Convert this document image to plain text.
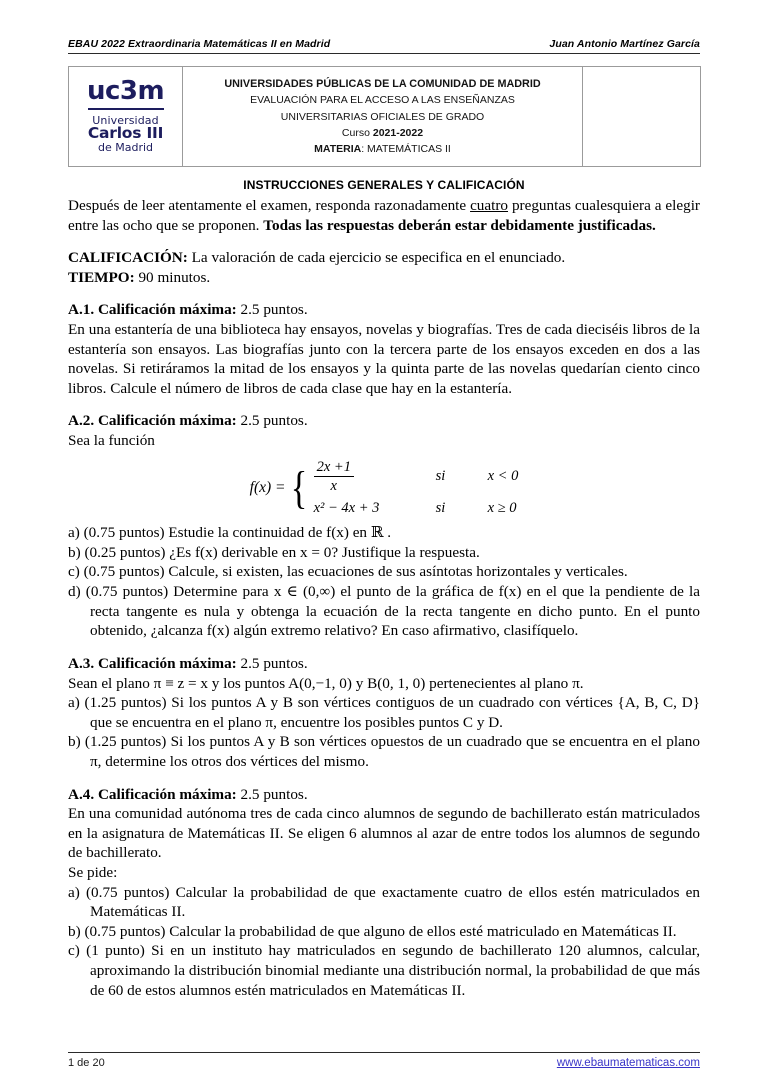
EBAU 2022 Extraordinaria Matemáticas II en Madrid	Juan Antonio Martínez García
uc3m
Universidad
Carlos III
de Madrid

UNIVERSIDADES PÚBLICAS DE LA COMUNIDAD DE MADRID
EVALUACIÓN PARA EL ACCESO A LAS ENSEÑANZAS
UNIVERSITARIAS OFICIALES DE GRADO
Curso 2021-2022
MATERIA: MATEMÁTICAS II

INSTRUCCIONES GENERALES Y CALIFICACIÓN

Después de leer atentamente el examen, responda razonadamente cuatro preguntas cualesquiera a elegir entre las ocho que se proponen. Todas las respuestas deberán estar debidamente justificadas.

CALIFICACIÓN: La valoración de cada ejercicio se especifica en el enunciado.

TIEMPO: 90 minutos.

A.1. Calificación máxima: 2.5 puntos.

En una estantería de una biblioteca hay ensayos, novelas y biografías. Tres de cada dieciséis libros de la estantería son ensayos. Las biografías junto con la tercera parte de los ensayos exceden en dos a las novelas. Si retiráramos la mitad de los ensayos y la quinta parte de las novelas quedarían ciento cinco libros. Calcule el número de libros de cada clase que hay en la estantería.

A.2. Calificación máxima: 2.5 puntos.

Sea la función

f(x) = { $\frac{2x +1}{x}$	si	x < 0
x² − 4x + 3	si	x ≥ 0

a) (0.75 puntos) Estudie la continuidad de f(x) en ℝ .

b) (0.25 puntos) ¿Es f(x) derivable en x = 0? Justifique la respuesta.

c) (0.75 puntos) Calcule, si existen, las ecuaciones de sus asíntotas horizontales y verticales.

d) (0.75 puntos) Determine para x ∈ (0,∞) el punto de la gráfica de f(x) en el que la pendiente de la recta tangente es nula y obtenga la ecuación de la recta tangente en dicho punto. En el punto obtenido, ¿alcanza f(x) algún extremo relativo? En caso afirmativo, clasifíquelo.

A.3. Calificación máxima: 2.5 puntos.

Sean el plano π ≡ z = x y los puntos A(0,−1, 0) y B(0, 1, 0) pertenecientes al plano π.

a) (1.25 puntos) Si los puntos A y B son vértices contiguos de un cuadrado con vértices {A, B, C, D} que se encuentra en el plano π, encuentre los posibles puntos C y D.

b) (1.25 puntos) Si los puntos A y B son vértices opuestos de un cuadrado que se encuentra en el plano π, determine los otros dos vértices del mismo.

A.4. Calificación máxima: 2.5 puntos.

En una comunidad autónoma tres de cada cinco alumnos de segundo de bachillerato están matriculados en la asignatura de Matemáticas II. Se eligen 6 alumnos al azar de entre todos los alumnos de segundo de bachillerato.

Se pide:

a) (0.75 puntos) Calcular la probabilidad de que exactamente cuatro de ellos estén matriculados en Matemáticas II.

b) (0.75 puntos) Calcular la probabilidad de que alguno de ellos esté matriculado en Matemáticas II.

c) (1 punto) Si en un instituto hay matriculados en segundo de bachillerato 120 alumnos, calcular, aproximando la distribución binomial mediante una distribución normal, la probabilidad de que más de 60 de estos alumnos estén matriculados en Matemáticas II.

1 de 20	www.ebaumatematicas.com
